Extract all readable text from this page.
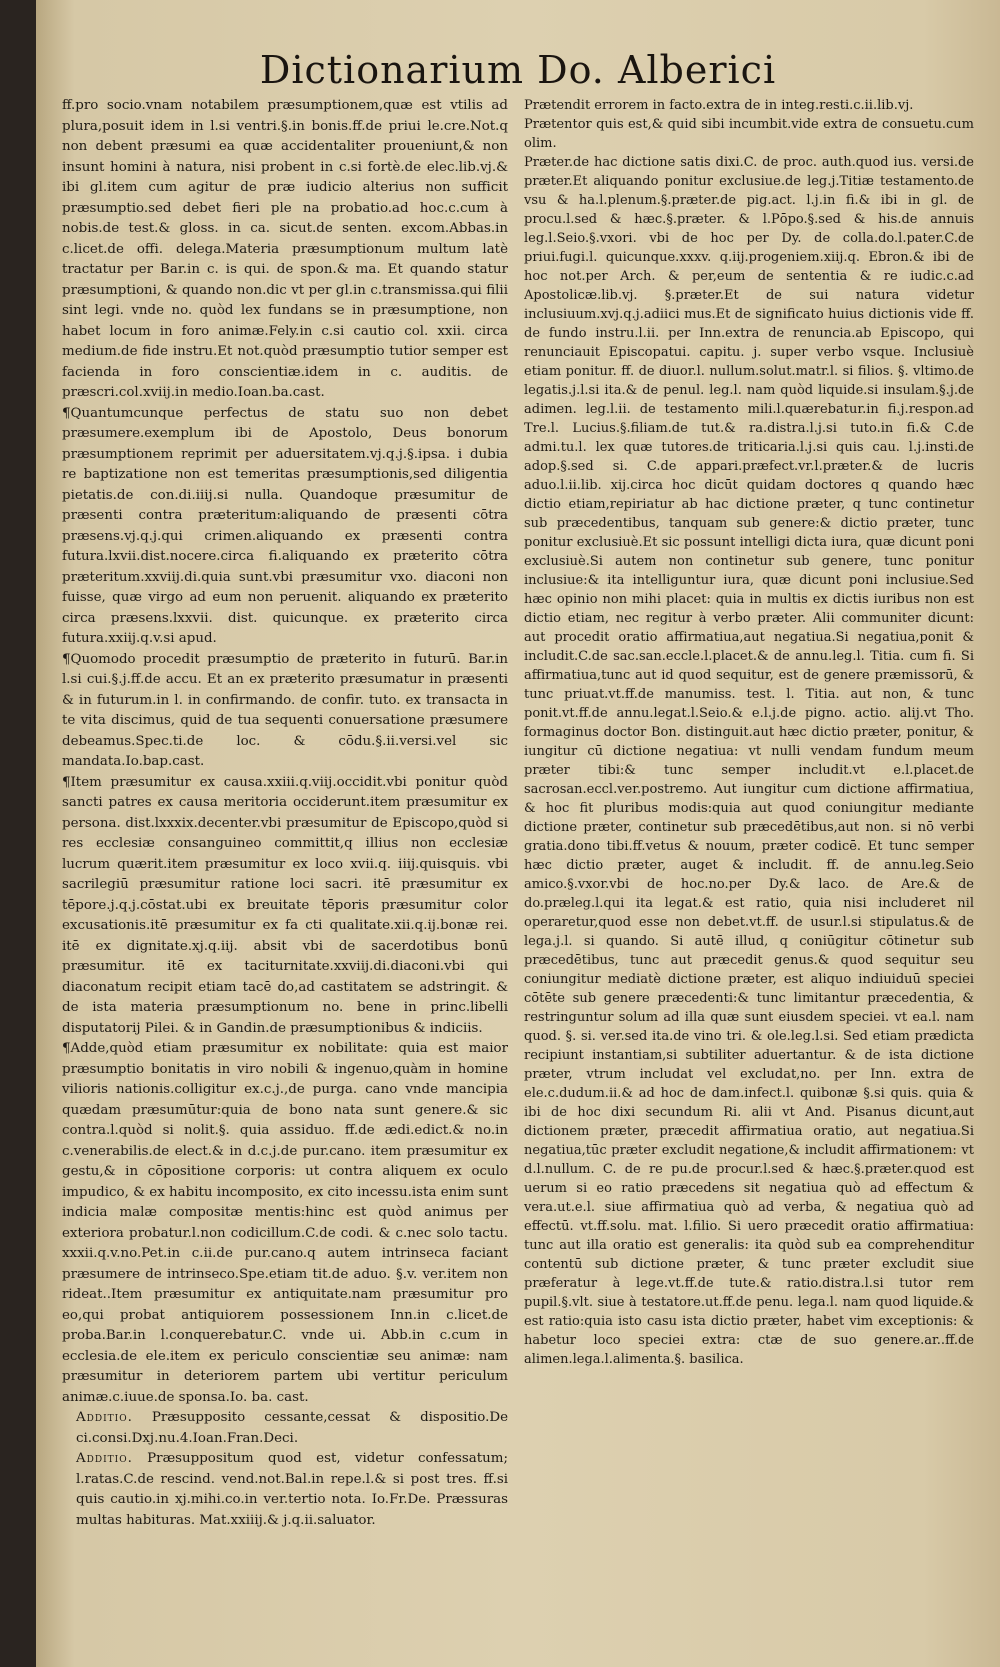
Dictionarium Do. Alberici

ff.pro socio.vnam notabilem præsumptionem,quæ est vtilis ad plura,posuit idem in l.si ventri.§.in bonis.ff.de priui le.cre.Not.q non debent præsumi ea quæ accidentaliter proueniunt,& non insunt homini à natura, nisi probent in c.si fortè.de elec.lib.vj.& ibi gl.item cum agitur de præ iudicio alterius non sufficit præsumptio.sed debet fieri ple na probatio.ad hoc.c.cum à nobis.de test.& gloss. in ca. sicut.de senten. excom.Abbas.in c.licet.de offi. delega.Materia præsumptionum multum latè tractatur per Bar.in c. is qui. de spon.& ma. Et quando statur præsumptioni, & quando non.dic vt per gl.in c.transmissa.qui filii sint legi. vnde no. quòd lex fundans se in præsumptione, non habet locum in foro animæ.Fely.in c.si cautio col. xxii. circa medium.de fide instru.Et not.quòd præsumptio tutior semper est facienda in foro conscientiæ.idem in c. auditis. de præscri.col.xviij.in medio.Ioan.ba.cast.

¶Quantumcunque perfectus de statu suo non debet præsumere.exemplum ibi de Apostolo, Deus bonorum præsumptionem reprimit per aduersitatem.vj.q.j.§.ipsa. i dubia re baptizatione non est temeritas præsumptionis,sed diligentia pietatis.de con.di.iiij.si nulla. Quandoque præsumitur de præsenti contra præteritum:aliquando de præsenti cōtra præsens.vj.q.j.qui crimen.aliquando ex præsenti contra futura.lxvii.dist.nocere.circa fi.aliquando ex præterito cōtra præteritum.xxviij.di.quia sunt.vbi præsumitur vxo. diaconi non fuisse, quæ virgo ad eum non peruenit. aliquando ex præterito circa præsens.lxxvii. dist. quicunque. ex præterito circa futura.xxiij.q.v.si apud.

¶Quomodo procedit præsumptio de præterito in futurū. Bar.in l.si cui.§.j.ff.de accu. Et an ex præterito præsumatur in præsenti & in futurum.in l. in confirmando. de confir. tuto. ex transacta in te vita discimus, quid de tua sequenti conuersatione præsumere debeamus.Spec.ti.de loc. & cōdu.§.ii.versi.vel sic mandata.Io.bap.cast.

¶Item præsumitur ex causa.xxiii.q.viij.occidit.vbi ponitur quòd sancti patres ex causa meritoria occiderunt.item præsumitur ex persona. dist.lxxxix.decenter.vbi præsumitur de Episcopo,quòd si res ecclesiæ consanguineo committit,q illius non ecclesiæ lucrum quærit.item præsumitur ex loco xvii.q. iiij.quisquis. vbi sacrilegiū præsumitur ratione loci sacri. itē præsumitur ex tēpore.j.q.j.cōstat.ubi ex breuitate tēporis præsumitur color excusationis.itē præsumitur ex fa cti qualitate.xii.q.ij.bonæ rei. itē ex dignitate.xj.q.iij. absit vbi de sacerdotibus bonū præsumitur. itē ex taciturnitate.xxviij.di.diaconi.vbi qui diaconatum recipit etiam tacē do,ad castitatem se adstringit. & de ista materia præsumptionum no. bene in princ.libelli disputatorij Pilei. & in Gandin.de præsumptionibus & indiciis.

¶Adde,quòd etiam præsumitur ex nobilitate: quia est maior præsumptio bonitatis in viro nobili & ingenuo,quàm in homine vilioris nationis.colligitur ex.c.j.,de purga. cano vnde mancipia quædam præsumūtur:quia de bono nata sunt genere.& sic contra.l.quòd si nolit.§. quia assiduo. ff.de ædi.edict.& no.in c.venerabilis.de elect.& in d.c.j.de pur.cano. item præsumitur ex gestu,& in cōpositione corporis: ut contra aliquem ex oculo impudico, & ex habitu incomposito, ex cito incessu.ista enim sunt indicia malæ compositæ mentis:hinc est quòd animus per exteriora probatur.l.non codicillum.C.de codi. & c.nec solo tactu. xxxii.q.v.no.Pet.in c.ii.de pur.cano.q autem intrinseca faciant præsumere de intrinseco.Spe.etiam tit.de aduo. §.v. ver.item non rideat..Item præsumitur ex antiquitate.nam præsumitur pro eo,qui probat antiquiorem possessionem Inn.in c.licet.de proba.Bar.in l.conquerebatur.C. vnde ui. Abb.in c.cum in ecclesia.de ele.item ex periculo conscientiæ seu animæ: nam præsumitur in deteriorem partem ubi vertitur periculum animæ.c.iuue.de sponsa.Io. ba. cast.

Additio. Præsupposito cessante,cessat & dispositio.De ci.consi.Dxj.nu.4.Ioan.Fran.Deci.

Additio. Præsuppositum quod est, videtur confessatum; l.ratas.C.de rescind. vend.not.Bal.in repe.l.& si post tres. ff.si quis cautio.in xj.mihi.co.in ver.tertio nota. Io.Fr.De. Præssuras multas habituras. Mat.xxiiij.& j.q.ii.saluator.

Prætendit errorem in facto.extra de in integ.resti.c.ii.lib.vj.

Prætentor quis est,& quid sibi incumbit.vide extra de consuetu.cum olim.

Præter.de hac dictione satis dixi.C. de proc. auth.quod ius. versi.de præter.Et aliquando ponitur exclusiue.de leg.j.Titiæ testamento.de vsu & ha.l.plenum.§.præter.de pig.act. l.j.in fi.& ibi in gl. de procu.l.sed & hæc.§.præter. & l.Pōpo.§.sed & his.de annuis leg.l.Seio.§.vxori. vbi de hoc per Dy. de colla.do.l.pater.C.de priui.fugi.l. quicunque.xxxv. q.iij.progeniem.xiij.q. Ebron.& ibi de hoc not.per Arch. & per,eum de sententia & re iudic.c.ad Apostolicæ.lib.vj. §.præter.Et de sui natura videtur inclusiuum.xvj.q.j.adiici mus.Et de significato huius dictionis vide ff. de fundo instru.l.ii. per Inn.extra de renuncia.ab Episcopo, qui renunciauit Episcopatui. capitu. j. super verbo vsque. Inclusiuè etiam ponitur. ff. de diuor.l. nullum.solut.matr.l. si filios. §. vltimo.de legatis.j.l.si ita.& de penul. leg.l. nam quòd liquide.si insulam.§.j.de adimen. leg.l.ii. de testamento mili.l.quærebatur.in fi.j.respon.ad Tre.l. Lucius.§.filiam.de tut.& ra.distra.l.j.si tuto.in fi.& C.de admi.tu.l. lex quæ tutores.de triticaria.l.j.si quis cau. l.j.insti.de adop.§.sed si. C.de appari.præfect.vr.l.præter.& de lucris aduo.l.ii.lib. xij.circa hoc dicūt quidam doctores q quando hæc dictio etiam,repiriatur ab hac dictione præter, q tunc continetur sub præcedentibus, tanquam sub genere:& dictio præter, tunc ponitur exclusiuè.Et sic possunt intelligi dicta iura, quæ dicunt poni exclusiuè.Si autem non continetur sub genere, tunc ponitur inclusiue:& ita intelliguntur iura, quæ dicunt poni inclusiue.Sed hæc opinio non mihi placet: quia in multis ex dictis iuribus non est dictio etiam, nec regitur à verbo præter. Alii communiter dicunt: aut procedit oratio affirmatiua,aut negatiua.Si negatiua,ponit & includit.C.de sac.san.eccle.l.placet.& de annu.leg.l. Titia. cum fi. Si affirmatiua,tunc aut id quod sequitur, est de genere præmissorū, & tunc priuat.vt.ff.de manumiss. test. l. Titia. aut non, & tunc ponit.vt.ff.de annu.legat.l.Seio.& e.l.j.de pigno. actio. alij.vt Tho. formaginus doctor Bon. distinguit.aut hæc dictio præter, ponitur, & iungitur cū dictione negatiua: vt nulli vendam fundum meum præter tibi:& tunc semper includit.vt e.l.placet.de sacrosan.eccl.ver.postremo. Aut iungitur cum dictione affirmatiua, & hoc fit pluribus modis:quia aut quod coniungitur mediante dictione præter, continetur sub præcedētibus,aut non. si nō verbi gratia.dono tibi.ff.vetus & nouum, præter codicē. Et tunc semper hæc dictio præter, auget & includit. ff. de annu.leg.Seio amico.§.vxor.vbi de hoc.no.per Dy.& laco. de Are.& de do.præleg.l.qui ita legat.& est ratio, quia nisi includeret nil operaretur,quod esse non debet.vt.ff. de usur.l.si stipulatus.& de lega.j.l. si quando. Si autē illud, q coniūgitur cōtinetur sub præcedētibus, tunc aut præcedit genus.& quod sequitur seu coniungitur mediatè dictione præter, est aliquo indiuiduū speciei cōtēte sub genere præcedenti:& tunc limitantur præcedentia, & restringuntur solum ad illa quæ sunt eiusdem speciei. vt ea.l. nam quod. §. si. ver.sed ita.de vino tri. & ole.leg.l.si. Sed etiam prædicta recipiunt instantiam,si subtiliter aduertantur. & de ista dictione præter, vtrum includat vel excludat,no. per Inn. extra de ele.c.dudum.ii.& ad hoc de dam.infect.l. quibonæ §.si quis. quia & ibi de hoc dixi secundum Ri. alii vt And. Pisanus dicunt,aut dictionem præter, præcedit affirmatiua oratio, aut negatiua.Si negatiua,tūc præter excludit negatione,& includit affirmationem: vt d.l.nullum. C. de re pu.de procur.l.sed & hæc.§.præter.quod est uerum si eo ratio præcedens sit negatiua quò ad effectum & vera.ut.e.l. siue affirmatiua quò ad verba, & negatiua quò ad effectū. vt.ff.solu. mat. l.filio. Si uero præcedit oratio affirmatiua: tunc aut illa oratio est generalis: ita quòd sub ea comprehenditur contentū sub dictione præter, & tunc præter excludit siue præferatur à lege.vt.ff.de tute.& ratio.distra.l.si tutor rem pupil.§.vlt. siue à testatore.ut.ff.de penu. lega.l. nam quod liquide.& est ratio:quia isto casu ista dictio præter, habet vim exceptionis: & habetur loco speciei extra: ctæ de suo genere.ar..ff.de alimen.lega.l.alimenta.§. basilica.
